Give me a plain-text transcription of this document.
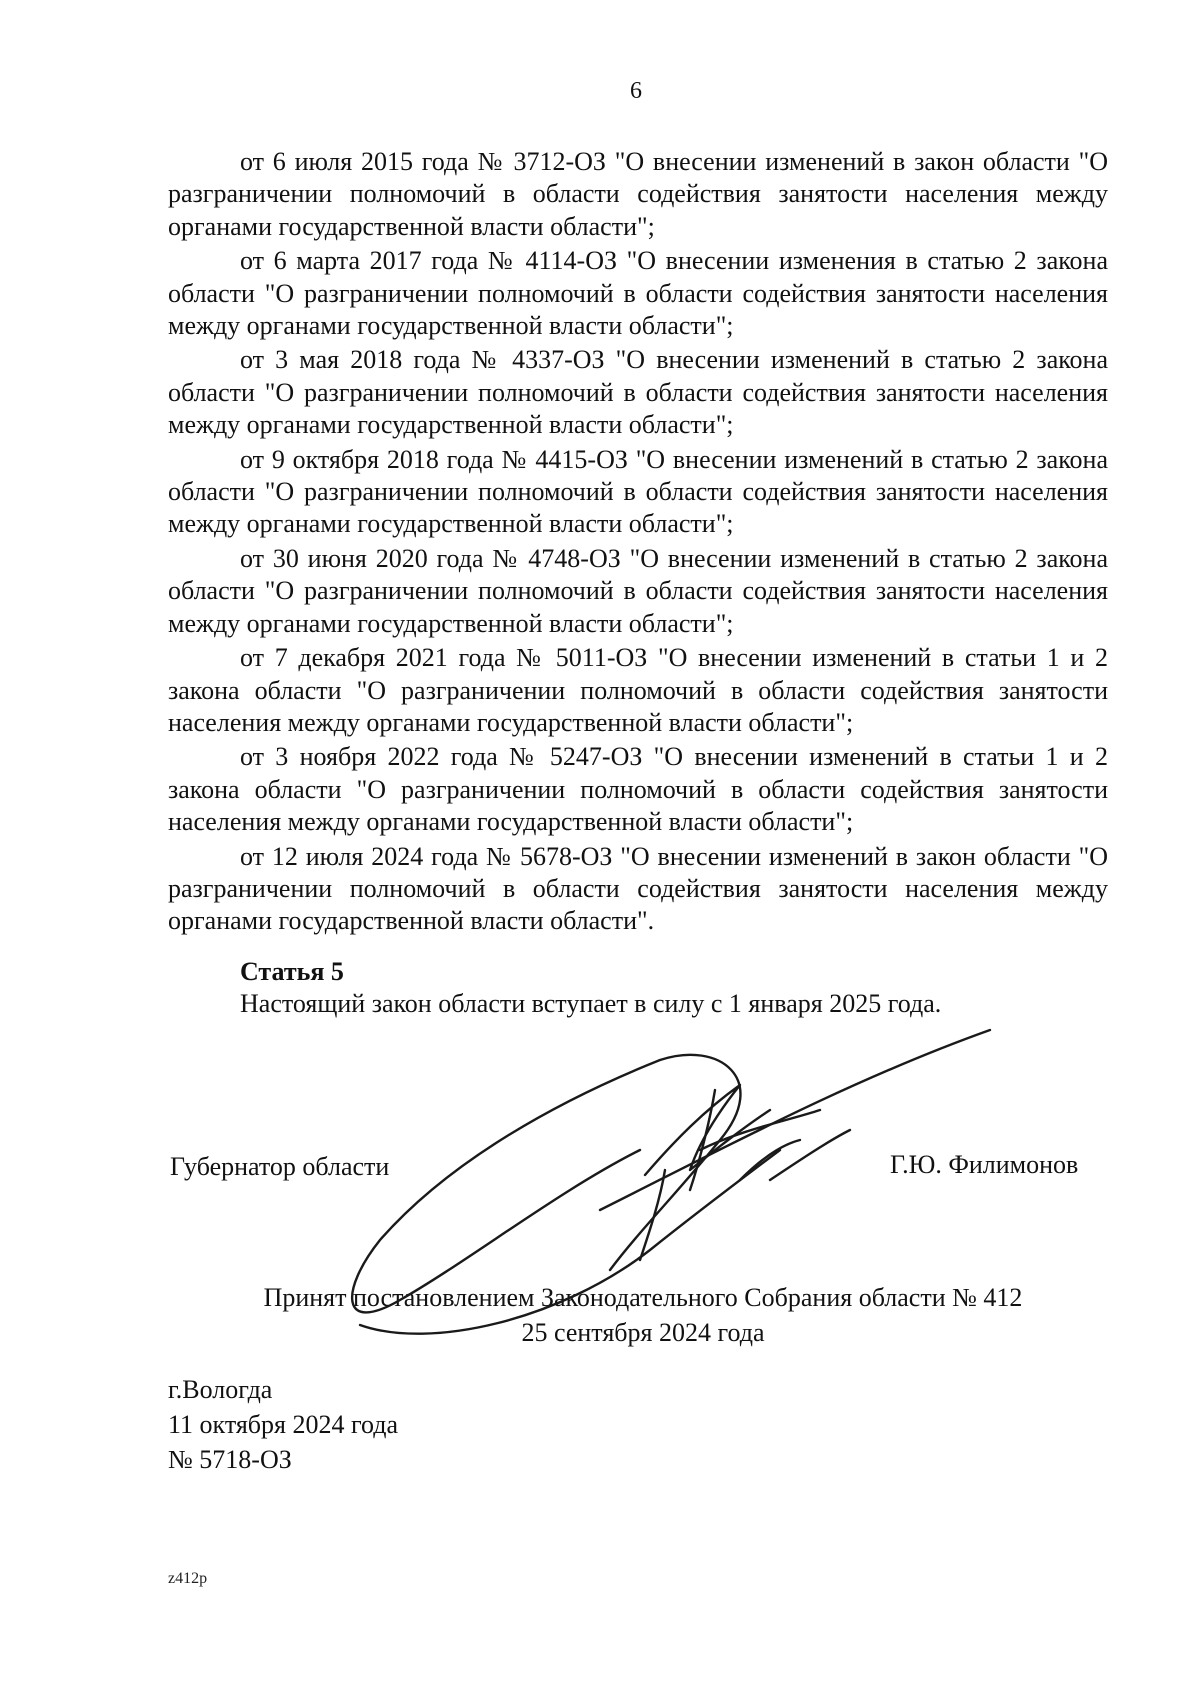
6

от 6 июля 2015 года № 3712-ОЗ "О внесении изменений в закон области "О разграничении полномочий в области содействия занятости населения между органами государственной власти области";

от 6 марта 2017 года № 4114-ОЗ "О внесении изменения в статью 2 закона области "О разграничении полномочий в области содействия занятости населения между органами государственной власти области";

от 3 мая 2018 года № 4337-ОЗ "О внесении изменений в статью 2 закона области "О разграничении полномочий в области содействия занятости населения между органами государственной власти области";

от 9 октября 2018 года № 4415-ОЗ "О внесении изменений в статью 2 закона области "О разграничении полномочий в области содействия занятости населения между органами государственной власти области";

от 30 июня 2020 года № 4748-ОЗ "О внесении изменений в статью 2 закона области "О разграничении полномочий в области содействия занятости населения между органами государственной власти области";

от 7 декабря 2021 года № 5011-ОЗ "О внесении изменений в статьи 1 и 2 закона области "О разграничении полномочий в области содействия занятости населения между органами государственной власти области";

от 3 ноября 2022 года № 5247-ОЗ "О внесении изменений в статьи 1 и 2 закона области "О разграничении полномочий в области содействия занятости населения между органами государственной власти области";

от 12 июля 2024 года № 5678-ОЗ "О внесении изменений в закон области "О разграничении полномочий в области содействия занятости населения между органами государственной власти области".

Статья 5

Настоящий закон области вступает в силу с 1 января 2025 года.

Губернатор области	Г.Ю. Филимонов
Принят постановлением Законодательного Собрания области № 412
25 сентября 2024 года
г.Вологда
11 октября 2024 года
№ 5718-ОЗ
z412p
